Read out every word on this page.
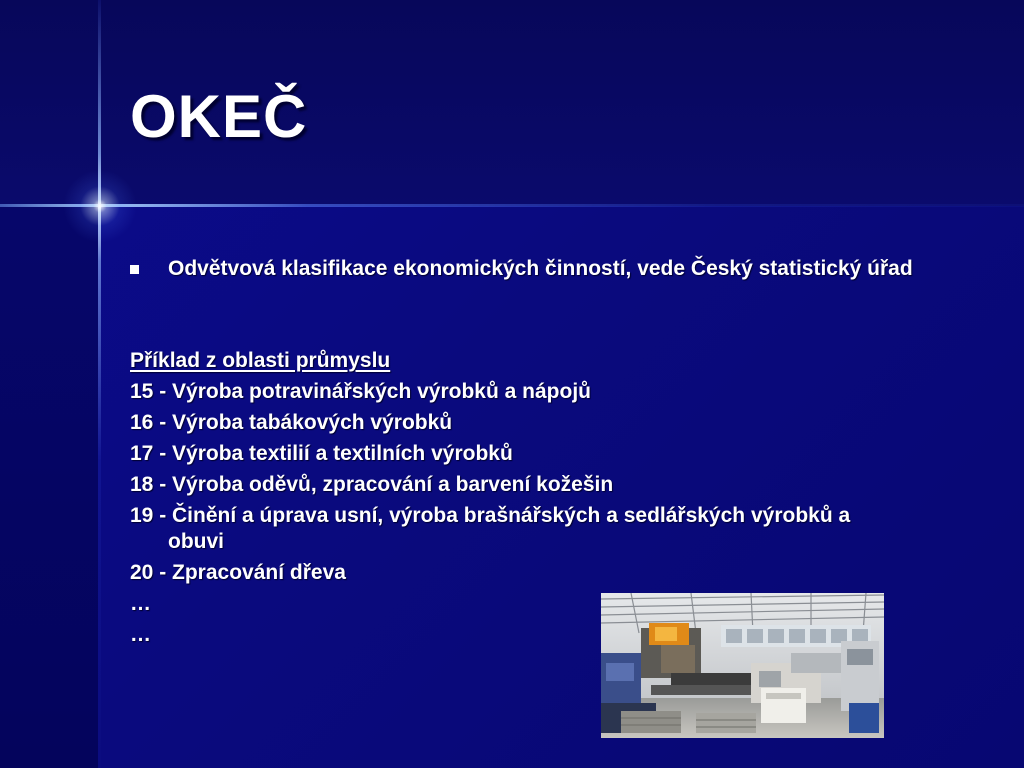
OKEČ
Odvětvová klasifikace ekonomických činností, vede Český statistický úřad
Příklad z oblasti průmyslu
15 - Výroba potravinářských výrobků a nápojů
16 - Výroba tabákových výrobků
17 - Výroba textilií a textilních výrobků
18 - Výroba oděvů, zpracování a barvení kožešin
19 - Činění a úprava usní, výroba brašnářských a sedlářských výrobků a obuvi
20 - Zpracování dřeva
…
…
